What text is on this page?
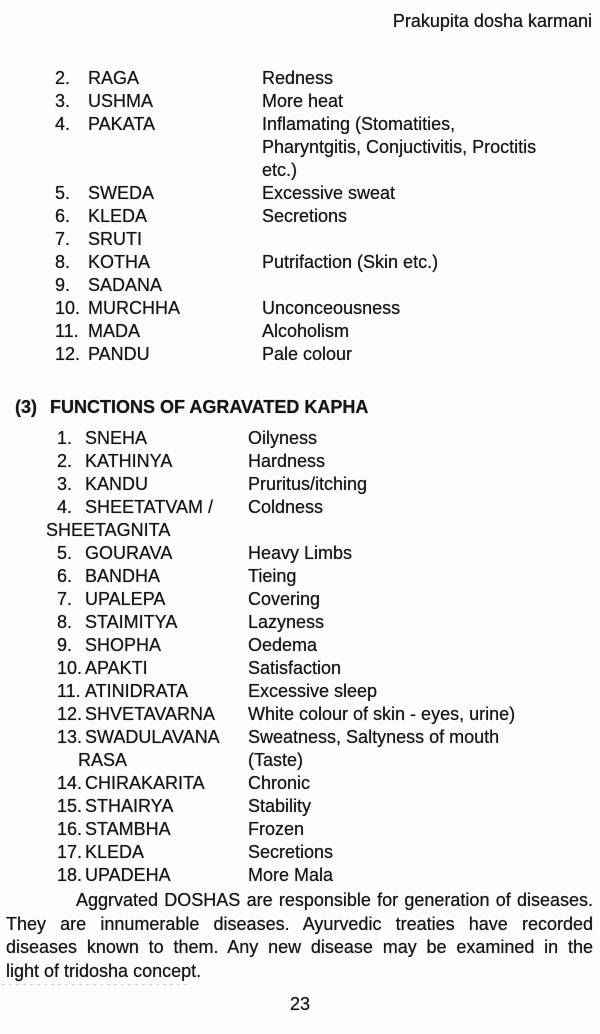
Prakupita dosha karmani
2. RAGA	Redness
3. USHMA	More heat
4. PAKATA	Inflamating (Stomatities,
Pharyntgitis, Conjuctivitis, Proctitis
etc.)
5. SWEDA	Excessive sweat
6. KLEDA	Secretions
7. SRUTI
8. KOTHA	Putrifaction (Skin etc.)
9. SADANA
10. MURCHHA	Unconceousness
11. MADA	Alcoholism
12. PANDU	Pale colour
(3) FUNCTIONS OF AGRAVATED KAPHA
1. SNEHA	Oilyness
2. KATHINYA	Hardness
3. KANDU	Pruritus/itching
4. SHEETATVAM /	Coldness
SHEETAGNITA
5. GOURAVA	Heavy Limbs
6. BANDHA	Tieing
7. UPALEPA	Covering
8. STAIMITYA	Lazyness
9. SHOPHA	Oedema
10. APAKTI	Satisfaction
11. ATINIDRATA	Excessive sleep
12. SHVETAVARNA	White colour of skin - eyes, urine)
13. SWADULAVANA	Sweatness, Saltyness of mouth
RASA	(Taste)
14. CHIRAKARITA	Chronic
15. STHAIRYA	Stability
16. STAMBHA	Frozen
17. KLEDA	Secretions
18. UPADEHA	More Mala
Aggrvated DOSHAS are responsible for generation of diseases.
They are innumerable diseases. Ayurvedic treaties have recorded
diseases known to them. Any new disease may be examined in the
light of tridosha concept.
23
